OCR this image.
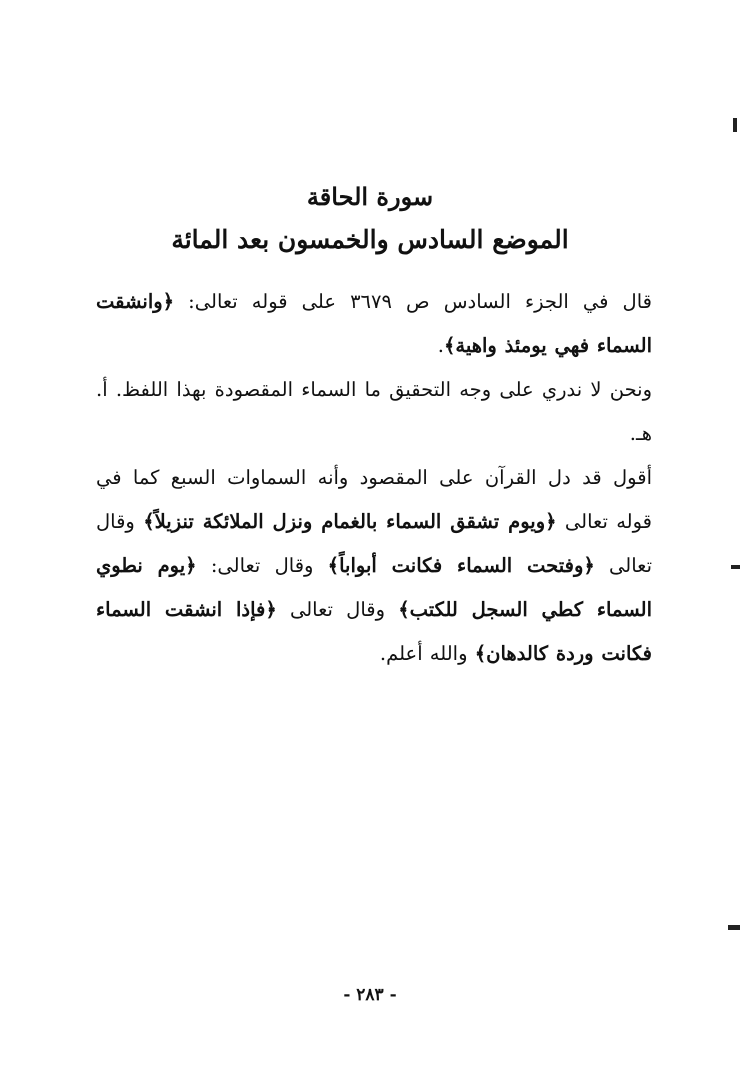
سورة الحاقة
الموضع السادس والخمسون بعد المائة
قال في الجزء السادس ص ٣٦٧٩ على قوله تعالى: ﴿وانشقت السماء فهي يومئذ واهية﴾.
ونحن لا ندري على وجه التحقيق ما السماء المقصودة بهذا اللفظ. أ. هـ.
أقول قد دل القرآن على المقصود وأنه السماوات السبع كما في قوله تعالى ﴿ويوم تشقق السماء بالغمام ونزل الملائكة تنزيلاً﴾ وقال تعالى ﴿وفتحت السماء فكانت أبواباً﴾ وقال تعالى: ﴿يوم نطوي السماء كطي السجل للكتب﴾ وقال تعالى ﴿فإذا انشقت السماء فكانت وردة كالدهان﴾ والله أعلم.
- ٢٨٣ -
